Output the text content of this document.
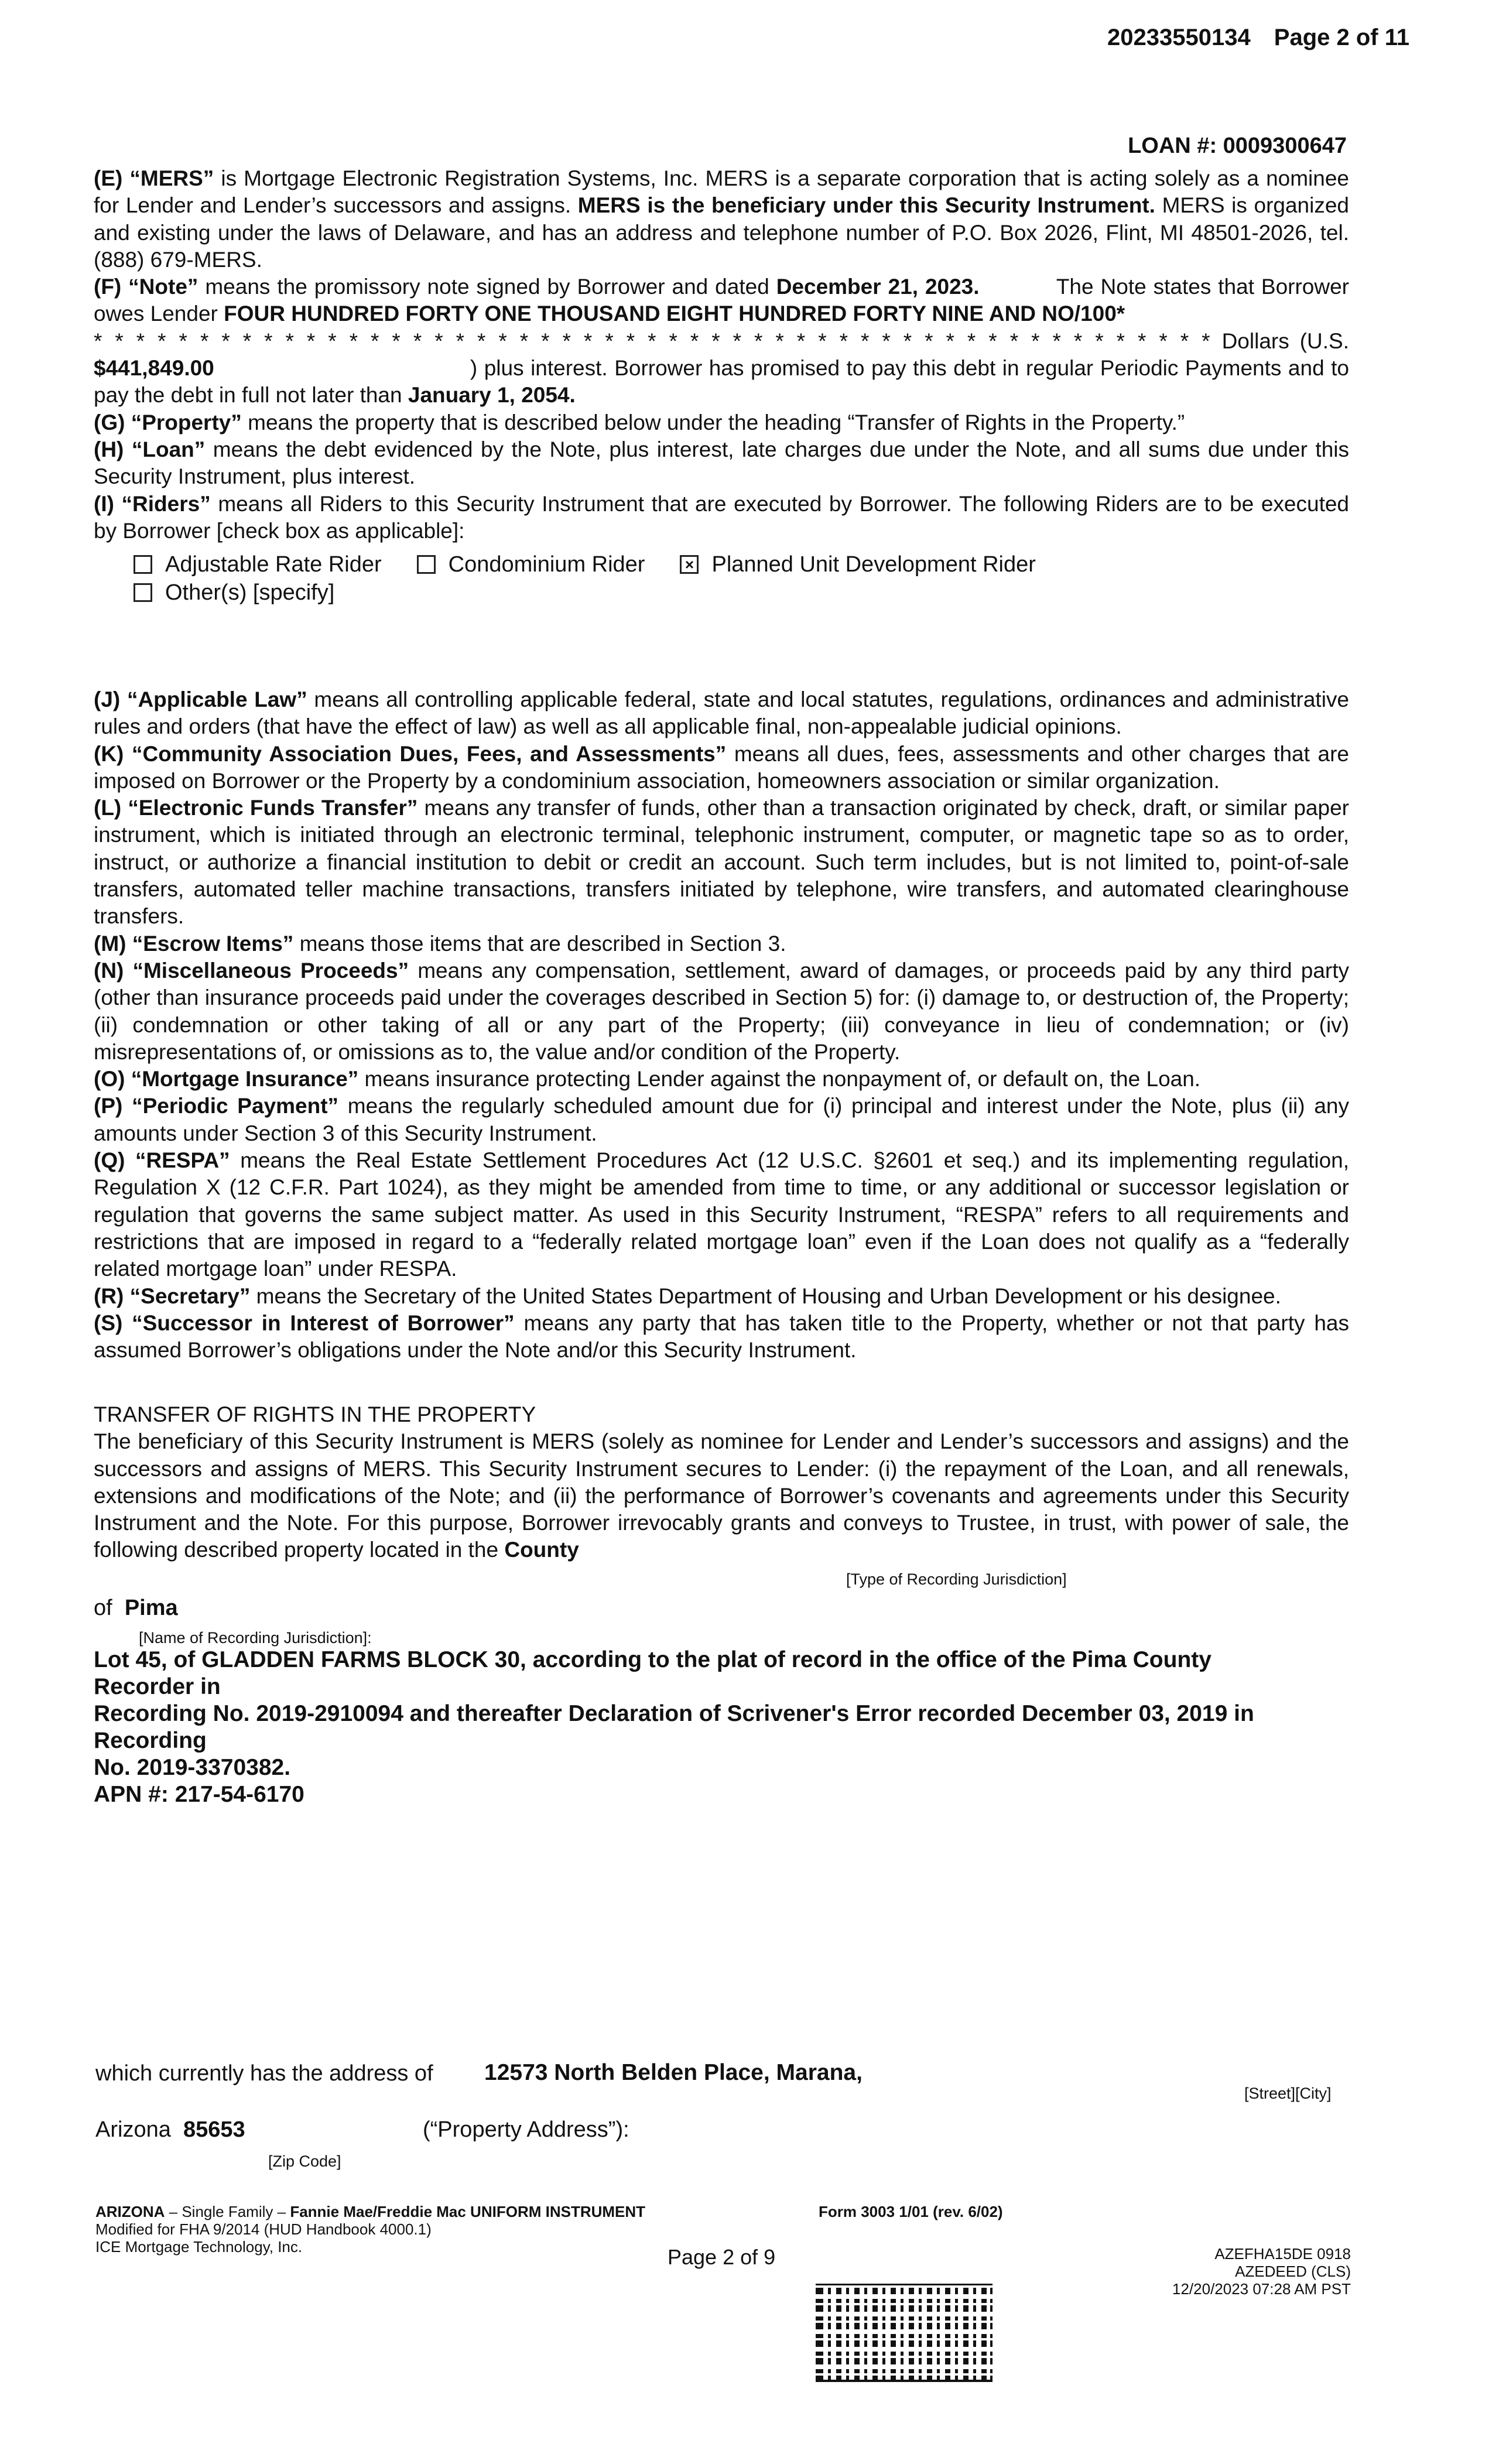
20233550134 Page 2 of 11
LOAN #: 0009300647

(E) “MERS” is Mortgage Electronic Registration Systems, Inc. MERS is a separate corporation that is acting solely as a nominee for Lender and Lender’s successors and assigns. MERS is the beneficiary under this Security Instrument. MERS is organized and existing under the laws of Delaware, and has an address and telephone number of P.O. Box 2026, Flint, MI 48501-2026, tel. (888) 679-MERS.

(F) “Note” means the promissory note signed by Borrower and dated December 21, 2023.	The Note states that Borrower owes Lender FOUR HUNDRED FORTY ONE THOUSAND EIGHT HUNDRED FORTY NINE AND NO/100*
* * * * * * * * * * * * * * * * * * * * * * * * * * * * * * * * * * * * * * * * * * * * * * * * * * * * * Dollars (U.S. $441,849.00	) plus interest. Borrower has promised to pay this debt in regular Periodic Payments and to pay the debt in full not later than January 1, 2054.

(G) “Property” means the property that is described below under the heading “Transfer of Rights in the Property.”

(H) “Loan” means the debt evidenced by the Note, plus interest, late charges due under the Note, and all sums due under this Security Instrument, plus interest.

(I) “Riders” means all Riders to this Security Instrument that are executed by Borrower. The following Riders are to be executed by Borrower [check box as applicable]:

Adjustable Rate Rider	Condominium Rider	× Planned Unit Development Rider
Other(s) [specify]

(J) “Applicable Law” means all controlling applicable federal, state and local statutes, regulations, ordinances and administrative rules and orders (that have the effect of law) as well as all applicable final, non-appealable judicial opinions.

(K) “Community Association Dues, Fees, and Assessments” means all dues, fees, assessments and other charges that are imposed on Borrower or the Property by a condominium association, homeowners association or similar organization.

(L) “Electronic Funds Transfer” means any transfer of funds, other than a transaction originated by check, draft, or similar paper instrument, which is initiated through an electronic terminal, telephonic instrument, computer, or magnetic tape so as to order, instruct, or authorize a financial institution to debit or credit an account. Such term includes, but is not limited to, point-of-sale transfers, automated teller machine transactions, transfers initiated by telephone, wire transfers, and automated clearinghouse transfers.

(M) “Escrow Items” means those items that are described in Section 3.

(N) “Miscellaneous Proceeds” means any compensation, settlement, award of damages, or proceeds paid by any third party (other than insurance proceeds paid under the coverages described in Section 5) for: (i) damage to, or destruction of, the Property; (ii) condemnation or other taking of all or any part of the Property; (iii) conveyance in lieu of condemnation; or (iv) misrepresentations of, or omissions as to, the value and/or condition of the Property.

(O) “Mortgage Insurance” means insurance protecting Lender against the nonpayment of, or default on, the Loan.

(P) “Periodic Payment” means the regularly scheduled amount due for (i) principal and interest under the Note, plus (ii) any amounts under Section 3 of this Security Instrument.

(Q) “RESPA” means the Real Estate Settlement Procedures Act (12 U.S.C. §2601 et seq.) and its implementing regulation, Regulation X (12 C.F.R. Part 1024), as they might be amended from time to time, or any additional or successor legislation or regulation that governs the same subject matter. As used in this Security Instrument, “RESPA” refers to all requirements and restrictions that are imposed in regard to a “federally related mortgage loan” even if the Loan does not qualify as a “federally related mortgage loan” under RESPA.

(R) “Secretary” means the Secretary of the United States Department of Housing and Urban Development or his designee.

(S) “Successor in Interest of Borrower” means any party that has taken title to the Property, whether or not that party has assumed Borrower’s obligations under the Note and/or this Security Instrument.

TRANSFER OF RIGHTS IN THE PROPERTY

The beneficiary of this Security Instrument is MERS (solely as nominee for Lender and Lender’s successors and assigns) and the successors and assigns of MERS. This Security Instrument secures to Lender: (i) the repayment of the Loan, and all renewals, extensions and modifications of the Note; and (ii) the performance of Borrower’s covenants and agreements under this Security Instrument and the Note. For this purpose, Borrower irrevocably grants and conveys to Trustee, in trust, with power of sale, the following described property located in the County

[Type of Recording Jurisdiction]
of Pima
[Name of Recording Jurisdiction]:
Lot 45, of GLADDEN FARMS BLOCK 30, according to the plat of record in the office of the Pima County
Recorder in
Recording No. 2019-2910094 and thereafter Declaration of Scrivener's Error recorded December 03, 2019 in
Recording
No. 2019-3370382.
APN #: 217-54-6170
which currently has the address of 12573 North Belden Place, Marana,
[Street][City]
Arizona 85653	(“Property Address”):
[Zip Code]
ARIZONA – Single Family – Fannie Mae/Freddie Mac UNIFORM INSTRUMENT
Modified for FHA 9/2014 (HUD Handbook 4000.1)
ICE Mortgage Technology, Inc.
Form 3003 1/01 (rev. 6/02)
Page 2 of 9	AZEFHA15DE 0918
AZEDEED (CLS)
12/20/2023 07:28 AM PST
